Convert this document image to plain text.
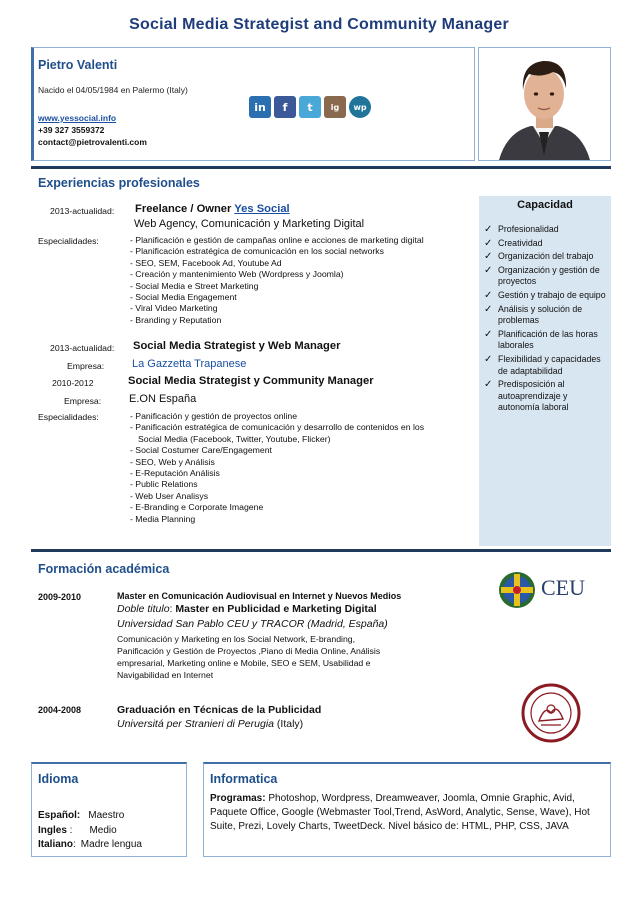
Social Media Strategist and Community Manager
Pietro Valenti
Nacido el 04/05/1984 en Palermo (Italy)
www.yessocial.info
+39 327 3559372
contact@pietrovalenti.com
in	f	t	ig	wp
Experiencias profesionales
2013-actualidad: Freelance / Owner Yes Social
Web Agency, Comunicación y Marketing Digital
Especialidades:	- Planificación e gestión de campañas online e acciones de marketing digital
- Planificación estratégica de comunicación en los social networks
- SEO, SEM, Facebook Ad, Youtube Ad
- Creación y mantenimiento Web (Wordpress y Joomla)
- Social Media e Street Marketing
- Social Media Engagement
- Viral Video Marketing
- Branding y Reputation
2013-actualidad: Social Media Strategist y Web Manager
Empresa:	La Gazzetta Trapanese
2010-2012	Social Media Strategist y Community Manager
Empresa:	E.ON España
Especialidades:	- Panificación y gestión de proyectos online
- Panificación estratégica de comunicación y desarrollo de contenidos en los
Social Media (Facebook, Twitter, Youtube, Flicker)
- Social Costumer Care/Engagement
- SEO, Web y Análisis
- E-Reputación Análisis
- Public Relations
- Web User Analisys
- E-Branding e Corporate Imagene
- Media Planning
Capacidad
✓ Profesionalidad
✓ Creatividad
✓ Organización del trabajo
✓ Organización y gestión de proyectos
✓ Gestión y trabajo de equipo
✓ Análisis y solución de problemas
✓ Planificación de las horas laborales
✓ Flexibilidad y capacidades de adaptabilidad
✓ Predisposición al autoaprendizaje y autonomía laboral
Formación académica
2009-2010	Master en Comunicación Audiovisual en Internet y Nuevos Medios
Doble titulo: Master en Publicidad e Marketing Digital
Universidad San Pablo CEU y TRACOR (Madrid, España)
Comunicación y Marketing en los Social Network, E-branding,
Panificación y Gestión de Proyectos ,Piano di Media Online, Análisis
empresarial, Marketing online e Mobile, SEO e SEM, Usabilidad e
Navigabilidad en Internet
2004-2008	Graduación en Técnicas de la Publicidad
Universitá per Stranieri di Perugia (Italy)
CEU
Idioma
Español: Maestro
Ingles : Medio
Italiano: Madre lengua
Informatica
Programas: Photoshop, Wordpress, Dreamweaver, Joomla, Omnie Graphic, Avid, Paquete Office, Google (Webmaster Tool,Trend, AsWord, Analytic, Sense, Wave), Hot Suite, Prezi, Lovely Charts, TweetDeck. Nivel básico de: HTML, PHP, CSS, JAVA
